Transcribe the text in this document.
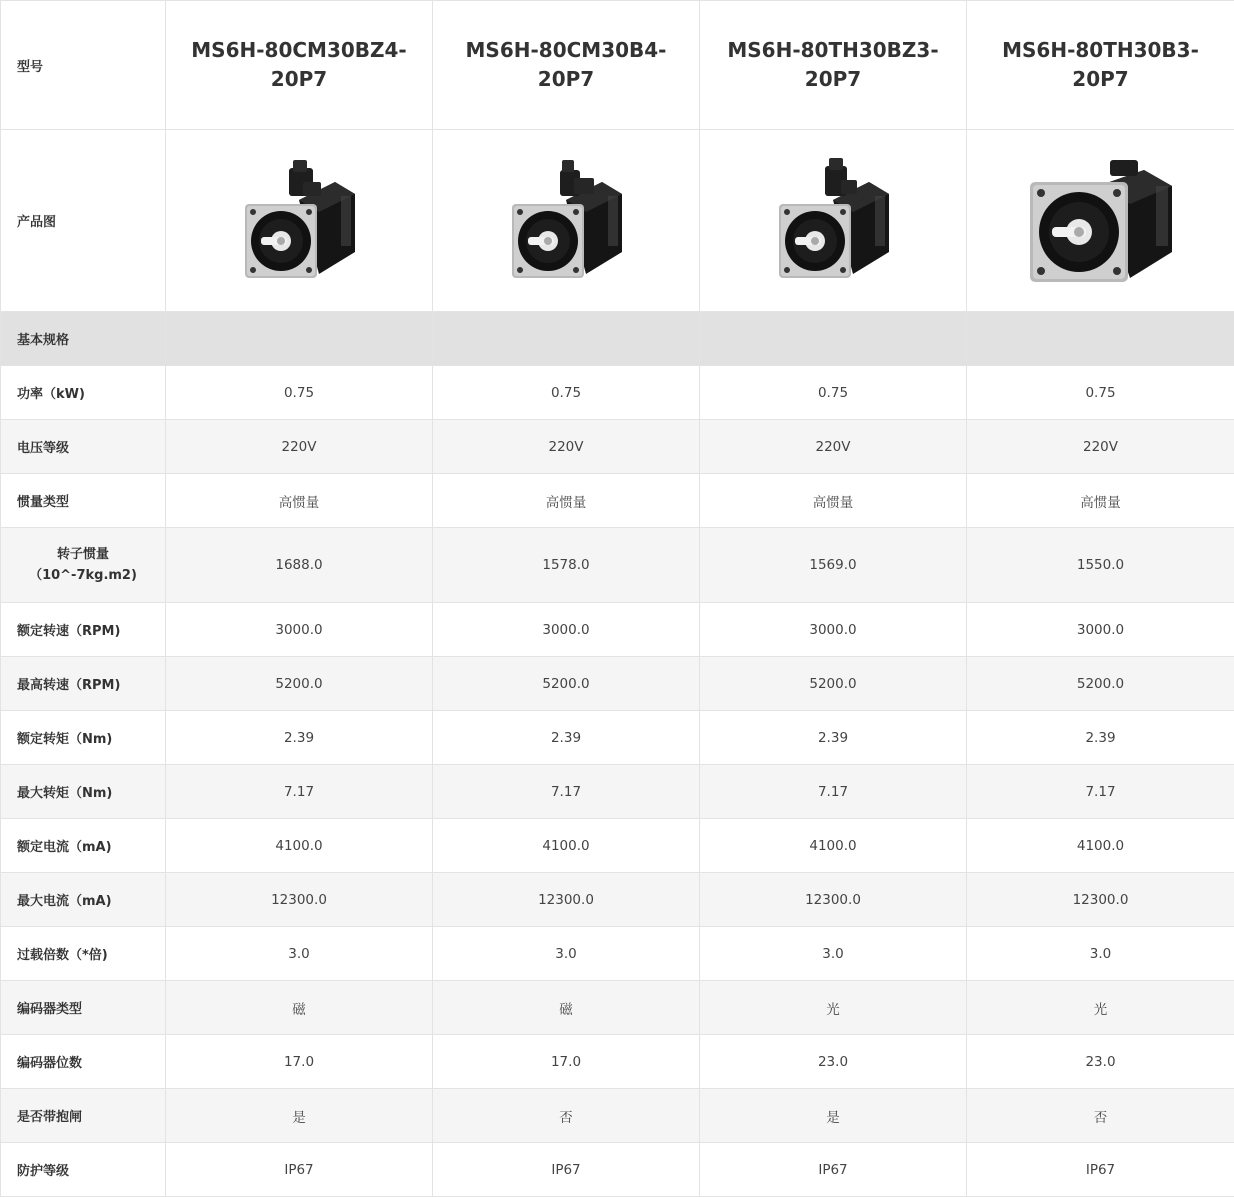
型号	MS6H-80CM30BZ4-20P7	MS6H-80CM30B4-20P7	MS6H-80TH30BZ3-20P7	MS6H-80TH30B3-20P7
产品图	

基本规格				
功率（kW)	0.75	0.75	0.75	0.75
电压等级	220V	220V	220V	220V
惯量类型	高惯量	高惯量	高惯量	高惯量
转子惯量（10^-7kg.m2)	1688.0	1578.0	1569.0	1550.0
额定转速（RPM)	3000.0	3000.0	3000.0	3000.0
最高转速（RPM)	5200.0	5200.0	5200.0	5200.0
额定转矩（Nm)	2.39	2.39	2.39	2.39
最大转矩（Nm)	7.17	7.17	7.17	7.17
额定电流（mA)	4100.0	4100.0	4100.0	4100.0
最大电流（mA)	12300.0	12300.0	12300.0	12300.0
过载倍数（*倍)	3.0	3.0	3.0	3.0
编码器类型	磁	磁	光	光
编码器位数	17.0	17.0	23.0	23.0
是否带抱闸	是	否	是	否
防护等级	IP67	IP67	IP67	IP67
